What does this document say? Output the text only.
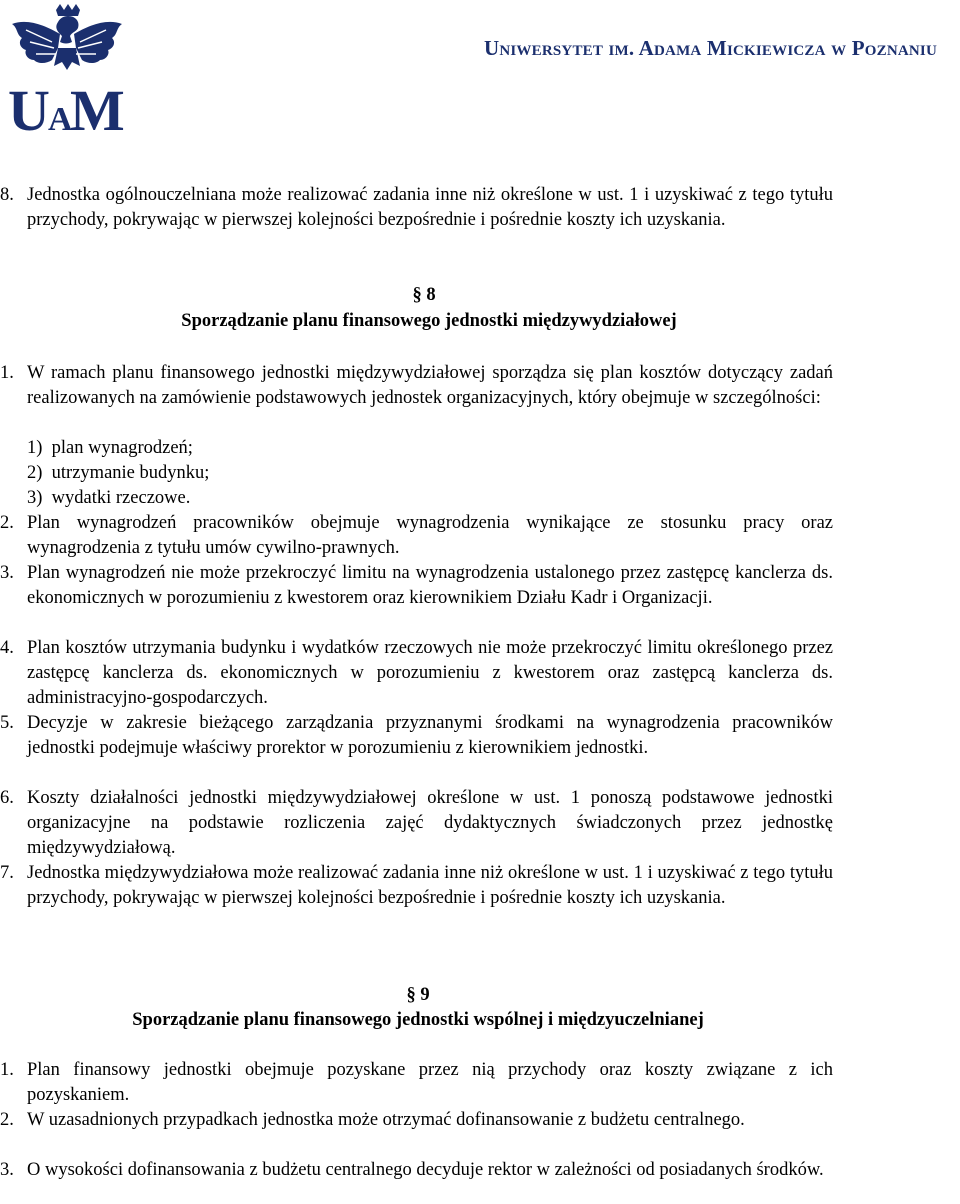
U
A
M
Uniwersytet im. Adama Mickiewicza w Poznaniu
8. Jednostka ogólnouczelniana może realizować zadania inne niż określone w ust. 1 i uzyskiwać z tego tytułu przychody, pokrywając w pierwszej kolejności bezpośrednie i pośrednie koszty ich uzyskania.
§ 8
Sporządzanie planu finansowego jednostki międzywydziałowej
1. W ramach planu finansowego jednostki międzywydziałowej sporządza się plan kosztów dotyczący zadań realizowanych na zamówienie podstawowych jednostek organizacyjnych, który obejmuje w szczególności:
1) plan wynagrodzeń;
2) utrzymanie budynku;
3) wydatki rzeczowe.
2. Plan wynagrodzeń pracowników obejmuje wynagrodzenia wynikające ze stosunku pracy oraz wynagrodzenia z tytułu umów cywilno-prawnych.
3. Plan wynagrodzeń nie może przekroczyć limitu na wynagrodzenia ustalonego przez zastępcę kanclerza ds. ekonomicznych w porozumieniu z kwestorem oraz kierownikiem Działu Kadr i Organizacji.
4. Plan kosztów utrzymania budynku i wydatków rzeczowych nie może przekroczyć limitu określonego przez zastępcę kanclerza ds. ekonomicznych w porozumieniu z kwestorem oraz zastępcą kanclerza ds. administracyjno-gospodarczych.
5. Decyzje w zakresie bieżącego zarządzania przyznanymi środkami na wynagrodzenia pracowników jednostki podejmuje właściwy prorektor w porozumieniu z kierownikiem jednostki.
6. Koszty działalności jednostki międzywydziałowej określone w ust. 1 ponoszą podstawowe jednostki organizacyjne na podstawie rozliczenia zajęć dydaktycznych świadczonych przez jednostkę międzywydziałową.
7. Jednostka międzywydziałowa może realizować zadania inne niż określone w ust. 1 i uzyskiwać z tego tytułu przychody, pokrywając w pierwszej kolejności bezpośrednie i pośrednie koszty ich uzyskania.
§ 9
Sporządzanie planu finansowego jednostki wspólnej i międzyuczelnianej
1. Plan finansowy jednostki obejmuje pozyskane przez nią przychody oraz koszty związane z ich pozyskaniem.
2. W uzasadnionych przypadkach jednostka może otrzymać dofinansowanie z budżetu centralnego.
3. O wysokości dofinansowania z budżetu centralnego decyduje rektor w zależności od posiadanych środków.
